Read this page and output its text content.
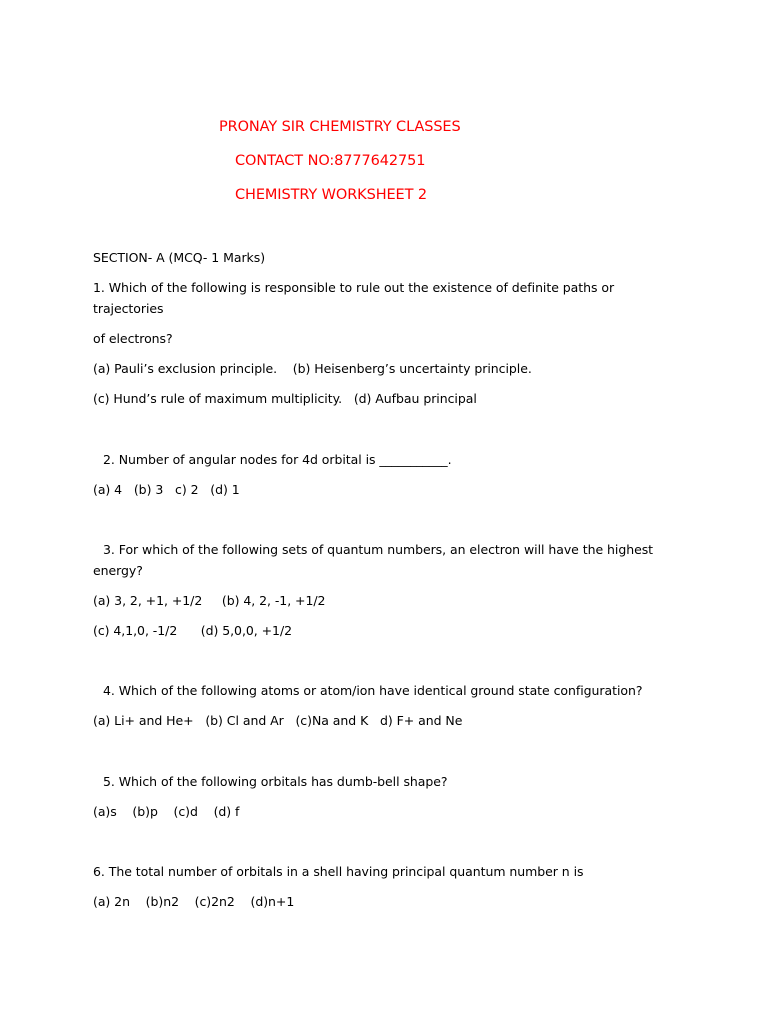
PRONAY SIR CHEMISTRY CLASSES
CONTACT NO:8777642751
CHEMISTRY WORKSHEET 2
SECTION- A (MCQ- 1 Marks)
1. Which of the following is responsible to rule out the existence of definite paths or
trajectories
of electrons?
(a) Pauli’s exclusion principle.    (b) Heisenberg’s uncertainty principle.
(c) Hund’s rule of maximum multiplicity.   (d) Aufbau principal
2. Number of angular nodes for 4d orbital is ___________.
(a) 4   (b) 3   c) 2   (d) 1
3. For which of the following sets of quantum numbers, an electron will have the highest
energy?
(a) 3, 2, +1, +1/2     (b) 4, 2, -1, +1/2
(c) 4,1,0, -1/2      (d) 5,0,0, +1/2
4. Which of the following atoms or atom/ion have identical ground state configuration?
(a) Li+ and He+   (b) Cl and Ar   (c)Na and K   d) F+ and Ne
5. Which of the following orbitals has dumb-bell shape?
(a)s    (b)p    (c)d    (d) f
6. The total number of orbitals in a shell having principal quantum number n is
(a) 2n    (b)n2    (c)2n2    (d)n+1
